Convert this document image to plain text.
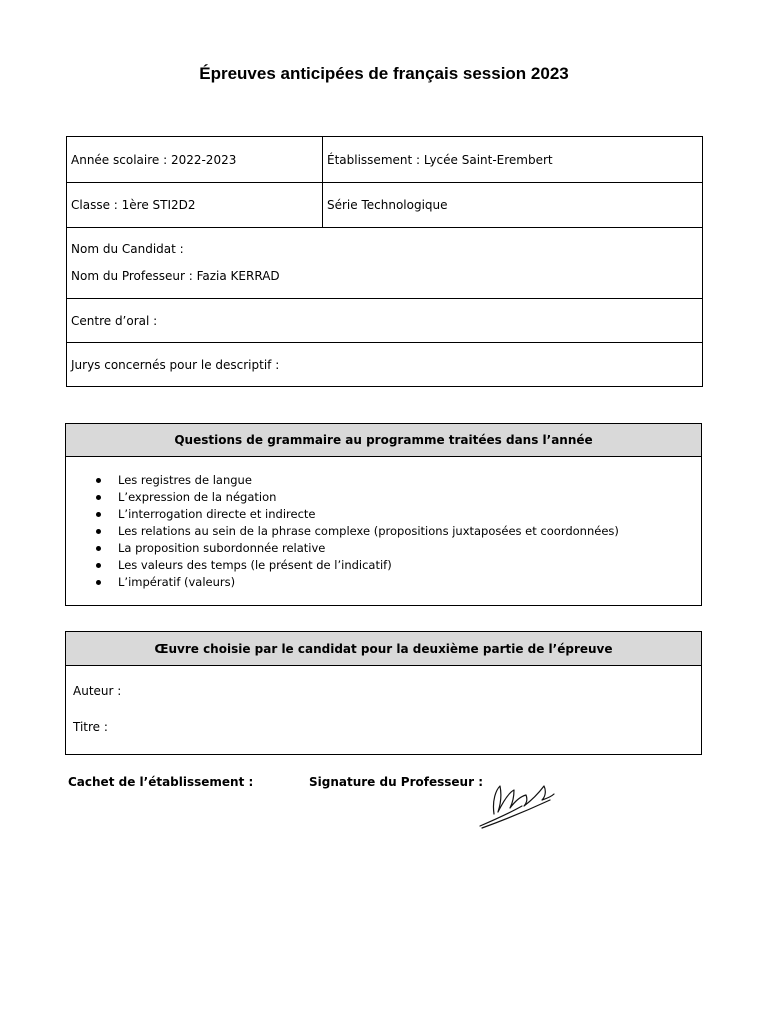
Épreuves anticipées de français session 2023
Année scolaire : 2022-2023	Établissement : Lycée Saint-Erembert
Classe : 1ère STI2D2	Série Technologique

Nom du Candidat :
Nom du Professeur : Fazia KERRAD	

Centre d’oral :	
Jurys concernés pour le descriptif :	
Questions de grammaire au programme traitées dans l’année
Les registres de langue
L’expression de la négation
L’interrogation directe et indirecte
Les relations au sein de la phrase complexe (propositions juxtaposées et coordonnées)
La proposition subordonnée relative
Les valeurs des temps (le présent de l’indicatif)
L’impératif (valeurs)
Œuvre choisie par le candidat pour la deuxième partie de l’épreuve
Auteur :
Titre :
Cachet de l’établissement :	Signature du Professeur :
